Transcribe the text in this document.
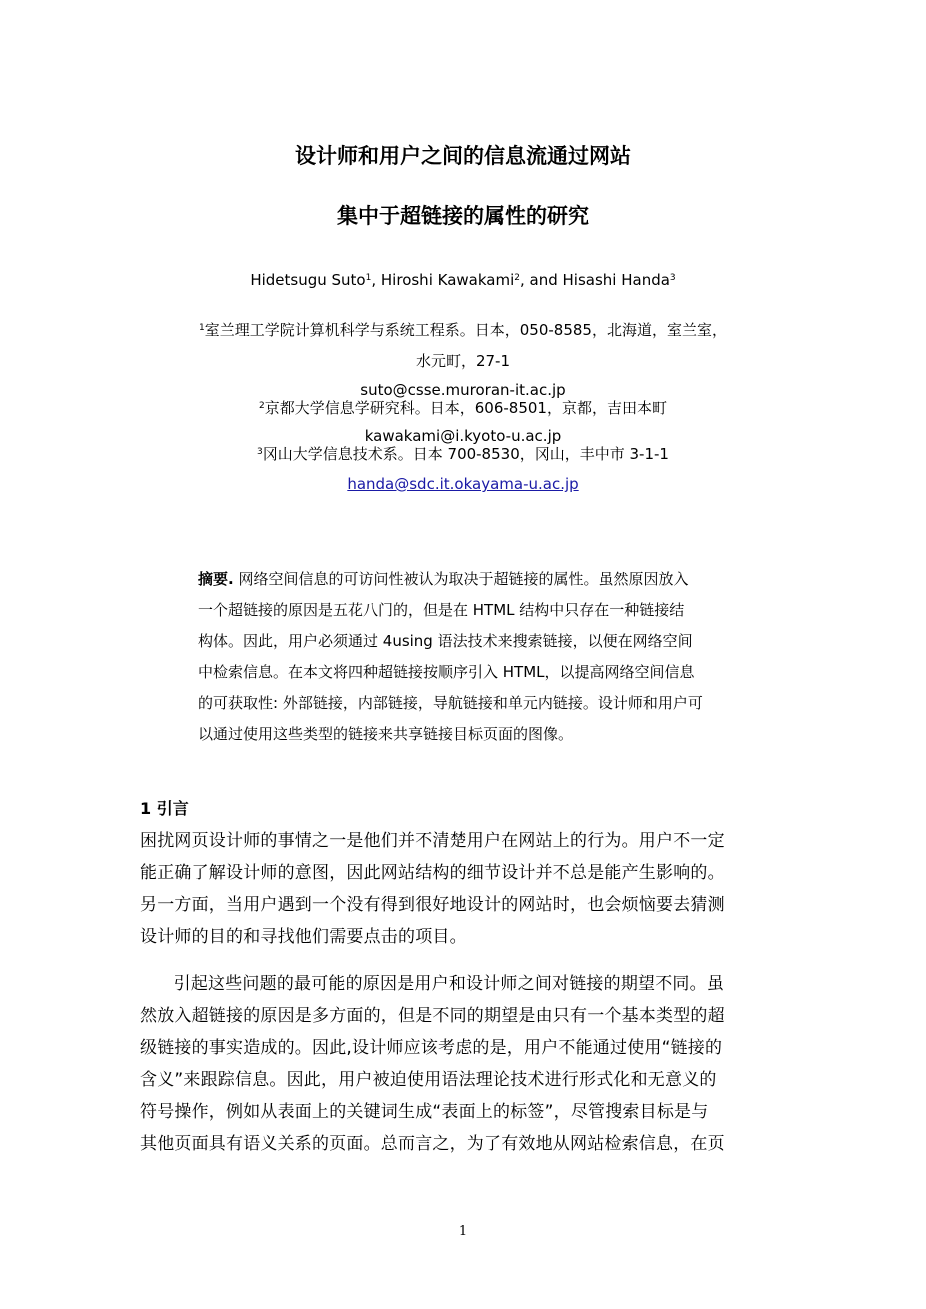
设计师和用户之间的信息流通过网站
集中于超链接的属性的研究
Hidetsugu Suto$^1$, Hiroshi Kawakami$^2$, and Hisashi Handa$^3$
$^1$室兰理工学院计算机科学与系统工程系。日本，050-8585，北海道，室兰室，
水元町，27-1
suto@csse.muroran-it.ac.jp
$^2$京都大学信息学研究科。日本，606-8501，京都，吉田本町
kawakami@i.kyoto-u.ac.jp
$^3$冈山大学信息技术系。日本 700-8530，冈山，丰中市 3-1-1
handa@sdc.it.okayama-u.ac.jp
摘要. 网络空间信息的可访问性被认为取决于超链接的属性。虽然原因放入
一个超链接的原因是五花八门的，但是在 HTML 结构中只存在一种链接结
构体。因此，用户必须通过 4using 语法技术来搜索链接，以便在网络空间
中检索信息。在本文将四种超链接按顺序引入 HTML，以提高网络空间信息
的可获取性: 外部链接，内部链接，导航链接和单元内链接。设计师和用户可
以通过使用这些类型的链接来共享链接目标页面的图像。
1 引言
困扰网页设计师的事情之一是他们并不清楚用户在网站上的行为。用户不一定
能正确了解设计师的意图，因此网站结构的细节设计并不总是能产生影响的。
另一方面，当用户遇到一个没有得到很好地设计的网站时，也会烦恼要去猜测
设计师的目的和寻找他们需要点击的项目。
引起这些问题的最可能的原因是用户和设计师之间对链接的期望不同。虽
然放入超链接的原因是多方面的，但是不同的期望是由只有一个基本类型的超
级链接的事实造成的。因此,设计师应该考虑的是，用户不能通过使用“链接的
含义”来跟踪信息。因此，用户被迫使用语法理论技术进行形式化和无意义的
符号操作，例如从表面上的关键词生成“表面上的标签”，尽管搜索目标是与
其他页面具有语义关系的页面。总而言之，为了有效地从网站检索信息，在页
1
